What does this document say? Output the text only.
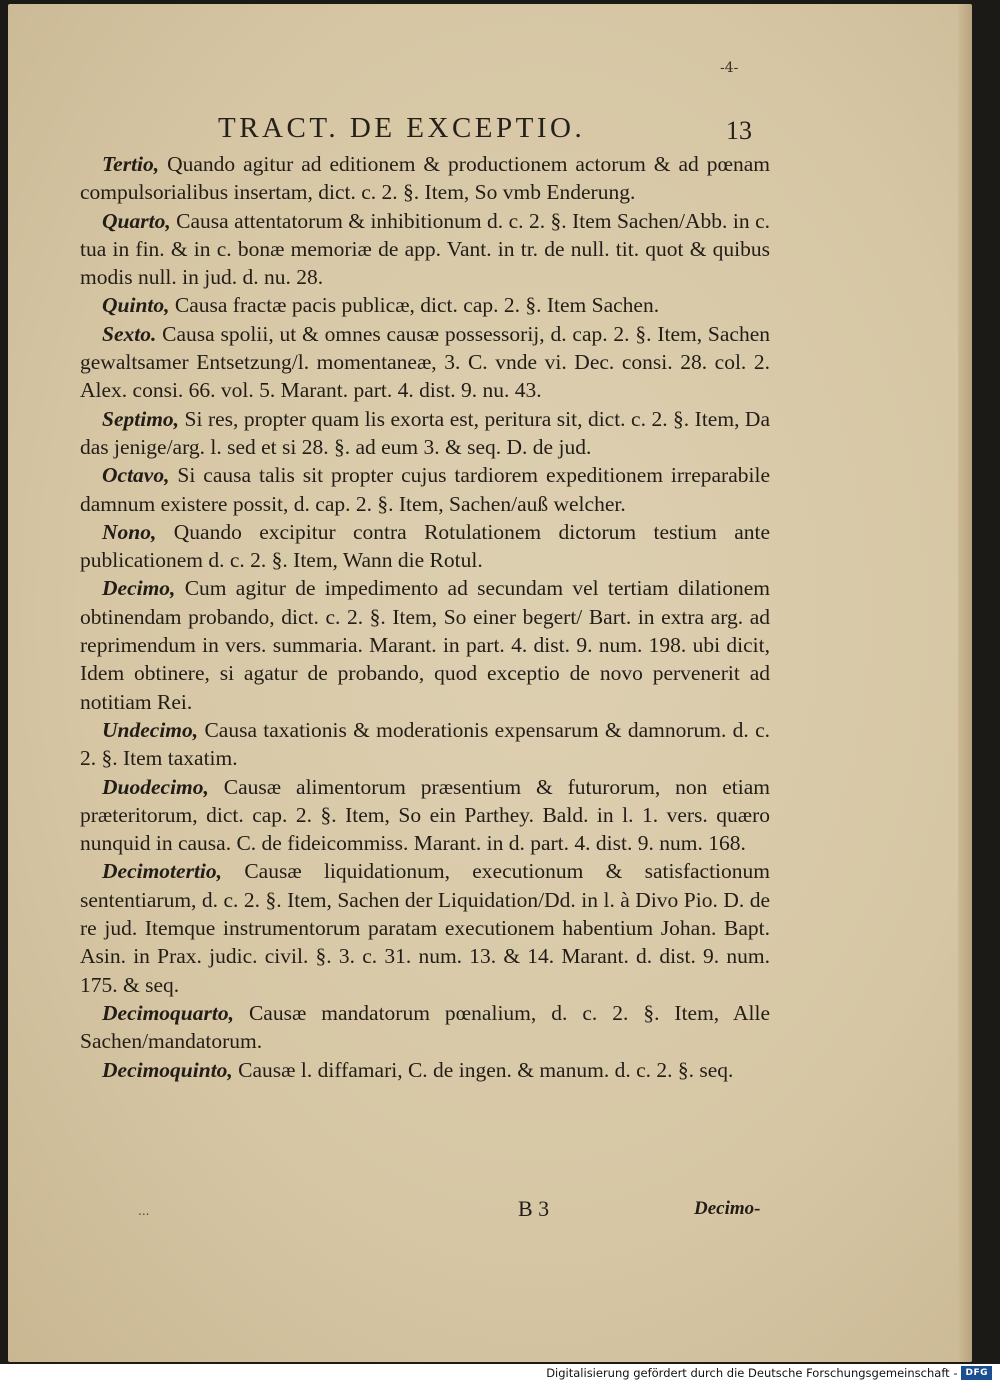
-4-
TRACT. DE EXCEPTIO.	13

Tertio, Quando agitur ad editionem & productionem actorum & ad pœnam compulsorialibus insertam, dict. c. 2. §. Item, So vmb Enderung.

Quarto, Causa attentatorum & inhibitionum d. c. 2. §. Item Sachen/Abb. in c. tua in fin. & in c. bonæ memoriæ de app. Vant. in tr. de null. tit. quot & quibus modis null. in jud. d. nu. 28.

Quinto, Causa fractæ pacis publicæ, dict. cap. 2. §. Item Sachen.

Sexto. Causa spolii, ut & omnes causæ possessorij, d. cap. 2. §. Item, Sachen gewaltsamer Entsetzung/l. momentaneæ, 3. C. vnde vi. Dec. consi. 28. col. 2. Alex. consi. 66. vol. 5. Marant. part. 4. dist. 9. nu. 43.

Septimo, Si res, propter quam lis exorta est, peritura sit, dict. c. 2. §. Item, Da das jenige/arg. l. sed et si 28. §. ad eum 3. & seq. D. de jud.

Octavo, Si causa talis sit propter cujus tardiorem expeditionem irreparabile damnum existere possit, d. cap. 2. §. Item, Sachen/auß welcher.

Nono, Quando excipitur contra Rotulationem dictorum testium ante publicationem d. c. 2. §. Item, Wann die Rotul.

Decimo, Cum agitur de impedimento ad secundam vel tertiam dilationem obtinendam probando, dict. c. 2. §. Item, So einer begert/ Bart. in extra arg. ad reprimendum in vers. summaria. Marant. in part. 4. dist. 9. num. 198. ubi dicit, Idem obtinere, si agatur de probando, quod exceptio de novo pervenerit ad notitiam Rei.

Undecimo, Causa taxationis & moderationis expensarum & damnorum. d. c. 2. §. Item taxatim.

Duodecimo, Causæ alimentorum præsentium & futurorum, non etiam præteritorum, dict. cap. 2. §. Item, So ein Parthey. Bald. in l. 1. vers. quæro nunquid in causa. C. de fideicommiss. Marant. in d. part. 4. dist. 9. num. 168.

Decimotertio, Causæ liquidationum, executionum & satisfactionum sententiarum, d. c. 2. §. Item, Sachen der Liquidation/Dd. in l. à Divo Pio. D. de re jud. Itemque instrumentorum paratam executionem habentium Johan. Bapt. Asin. in Prax. judic. civil. §. 3. c. 31. num. 13. & 14. Marant. d. dist. 9. num. 175. & seq.

Decimoquarto, Causæ mandatorum pœnalium, d. c. 2. §. Item, Alle Sachen/mandatorum.

Decimoquinto, Causæ l. diffamari, C. de ingen. & manum. d. c. 2. §. seq.

...	B 3	Decimo-
Digitalisierung gefördert durch die Deutsche Forschungsgemeinschaft - DFG
